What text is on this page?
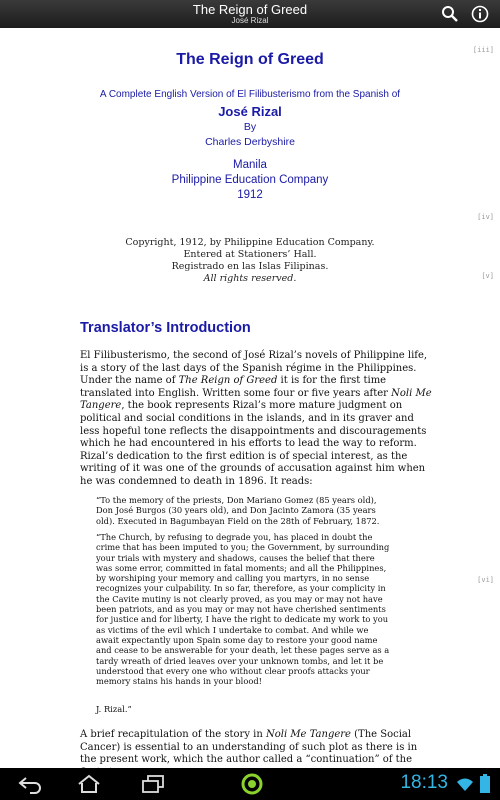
The Reign of Greed
José Rizal
[iii]
[iv]
[v]
[vi]
The Reign of Greed
A Complete English Version of El Filibusterismo from the Spanish of
José Rizal
By
Charles Derbyshire
Manila
Philippine Education Company
1912
Copyright, 1912, by Philippine Education Company.
Entered at Stationers’ Hall.
Registrado en las Islas Filipinas.
All rights reserved.
Translator’s Introduction

El Filibusterismo, the second of José Rizal’s novels of Philippine life, is a story of the last days of the Spanish régime in the Philippines. Under the name of The Reign of Greed it is for the first time translated into English. Written some four or five years after Noli Me Tangere, the book represents Rizal’s more mature judgment on political and social conditions in the islands, and in its graver and less hopeful tone reflects the disappointments and discouragements which he had encountered in his efforts to lead the way to reform. Rizal’s dedication to the first edition is of special interest, as the writing of it was one of the grounds of accusation against him when he was condemned to death in 1896. It reads:

“To the memory of the priests, Don Mariano Gomez (85 years old), Don José Burgos (30 years old), and Don Jacinto Zamora (35 years old). Executed in Bagumbayan Field on the 28th of February, 1872.

“The Church, by refusing to degrade you, has placed in doubt the crime that has been imputed to you; the Government, by surrounding your trials with mystery and shadows, causes the belief that there was some error, committed in fatal moments; and all the Philippines, by worshiping your memory and calling you martyrs, in no sense recognizes your culpability. In so far, therefore, as your complicity in the Cavite mutiny is not clearly proved, as you may or may not have been patriots, and as you may or may not have cherished sentiments for justice and for liberty, I have the right to dedicate my work to you as victims of the evil which I undertake to combat. And while we await expectantly upon Spain some day to restore your good name and cease to be answerable for your death, let these pages serve as a tardy wreath of dried leaves over your unknown tombs, and let it be understood that every one who without clear proofs attacks your memory stains his hands in your blood!

J. Rizal.”

A brief recapitulation of the story in Noli Me Tangere (The Social Cancer) is essential to an understanding of such plot as there is in the present work, which the author called a “continuation” of the

18:13
